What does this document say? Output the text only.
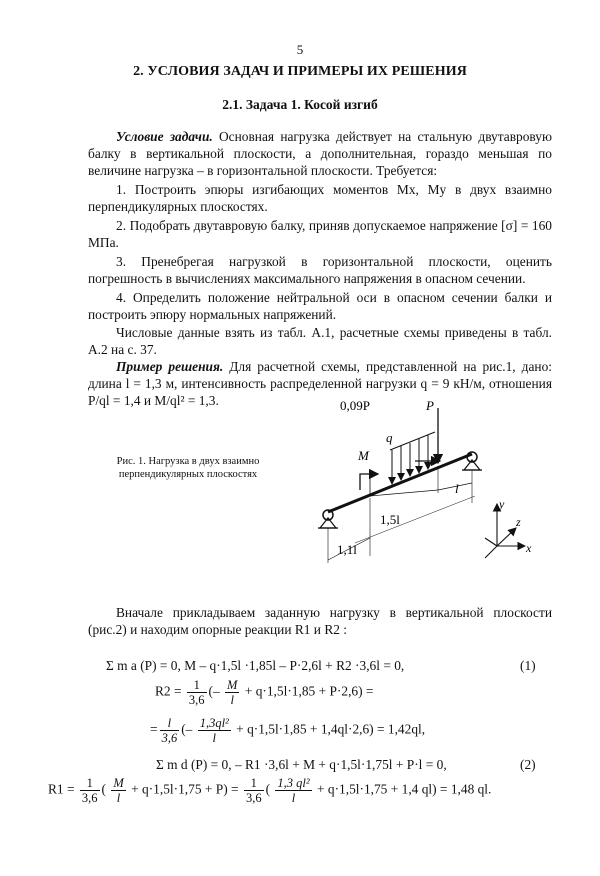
5
2. УСЛОВИЯ ЗАДАЧ И ПРИМЕРЫ ИХ РЕШЕНИЯ
2.1. Задача 1. Косой изгиб
Условие задачи. Основная нагрузка действует на стальную двутавровую балку в вертикальной плоскости, а дополнительная, гораздо меньшая по величине нагрузка – в горизонтальной плоскости. Требуется:
1. Построить эпюры изгибающих моментов Mx, My в двух взаимно перпендикулярных плоскостях.
2. Подобрать двутавровую балку, приняв допускаемое напряжение [σ] = 160 МПа.
3. Пренебрегая нагрузкой в горизонтальной плоскости, оценить погрешность в вычислениях максимального напряжения в опасном сечении.
4. Определить положение нейтральной оси в опасном сечении балки и построить эпюру нормальных напряжений.
Числовые данные взять из табл. А.1, расчетные схемы приведены в табл. А.2 на с. 37.
Пример решения. Для расчетной схемы, представленной на рис.1, дано: длина l = 1,3 м, интенсивность распределенной нагрузки q = 9 кН/м, отношения P/ql = 1,4 и M/ql² = 1,3.
Рис. 1. Нагрузка в двух взаимно перпендикулярных плоскостях
0,09P	P
q
M
l
1,5l
1,1l
y
z
x
Вначале прикладываем заданную нагрузку в вертикальной плоскости (рис.2) и находим опорные реакции R1 и R2 :
Σ m a (P) = 0, M – q·1,5l ·1,85l – P·2,6l + R2 ·3,6l = 0,	(1)
$R2 = \frac{1}{3,6}$ (– $\frac{M}{l} + q\cdot 1,5l\cdot 1,85 + P\cdot 2,6$) =
= $\frac{l}{3,6}$ (– $\frac{\text{1,3ql²}}{l} + q\cdot 1,5l\cdot 1,85 + 1,4ql\cdot 2,6) = 1,42ql$,
Σ m d (P) = 0, – R1 ·3,6l + M + q·1,5l·1,75l + P·l = 0,	(2)
$R1 = \frac{1}{3,6}$ ( $\frac{M}{l} + q\cdot 1,5l\cdot 1,75 + P) = \frac{1}{3,6}$ ( $\frac{\text{1,3 ql²}}{l} + q\cdot 1,5l\cdot 1,75 + 1,4$ ql) = 1,48 ql.
